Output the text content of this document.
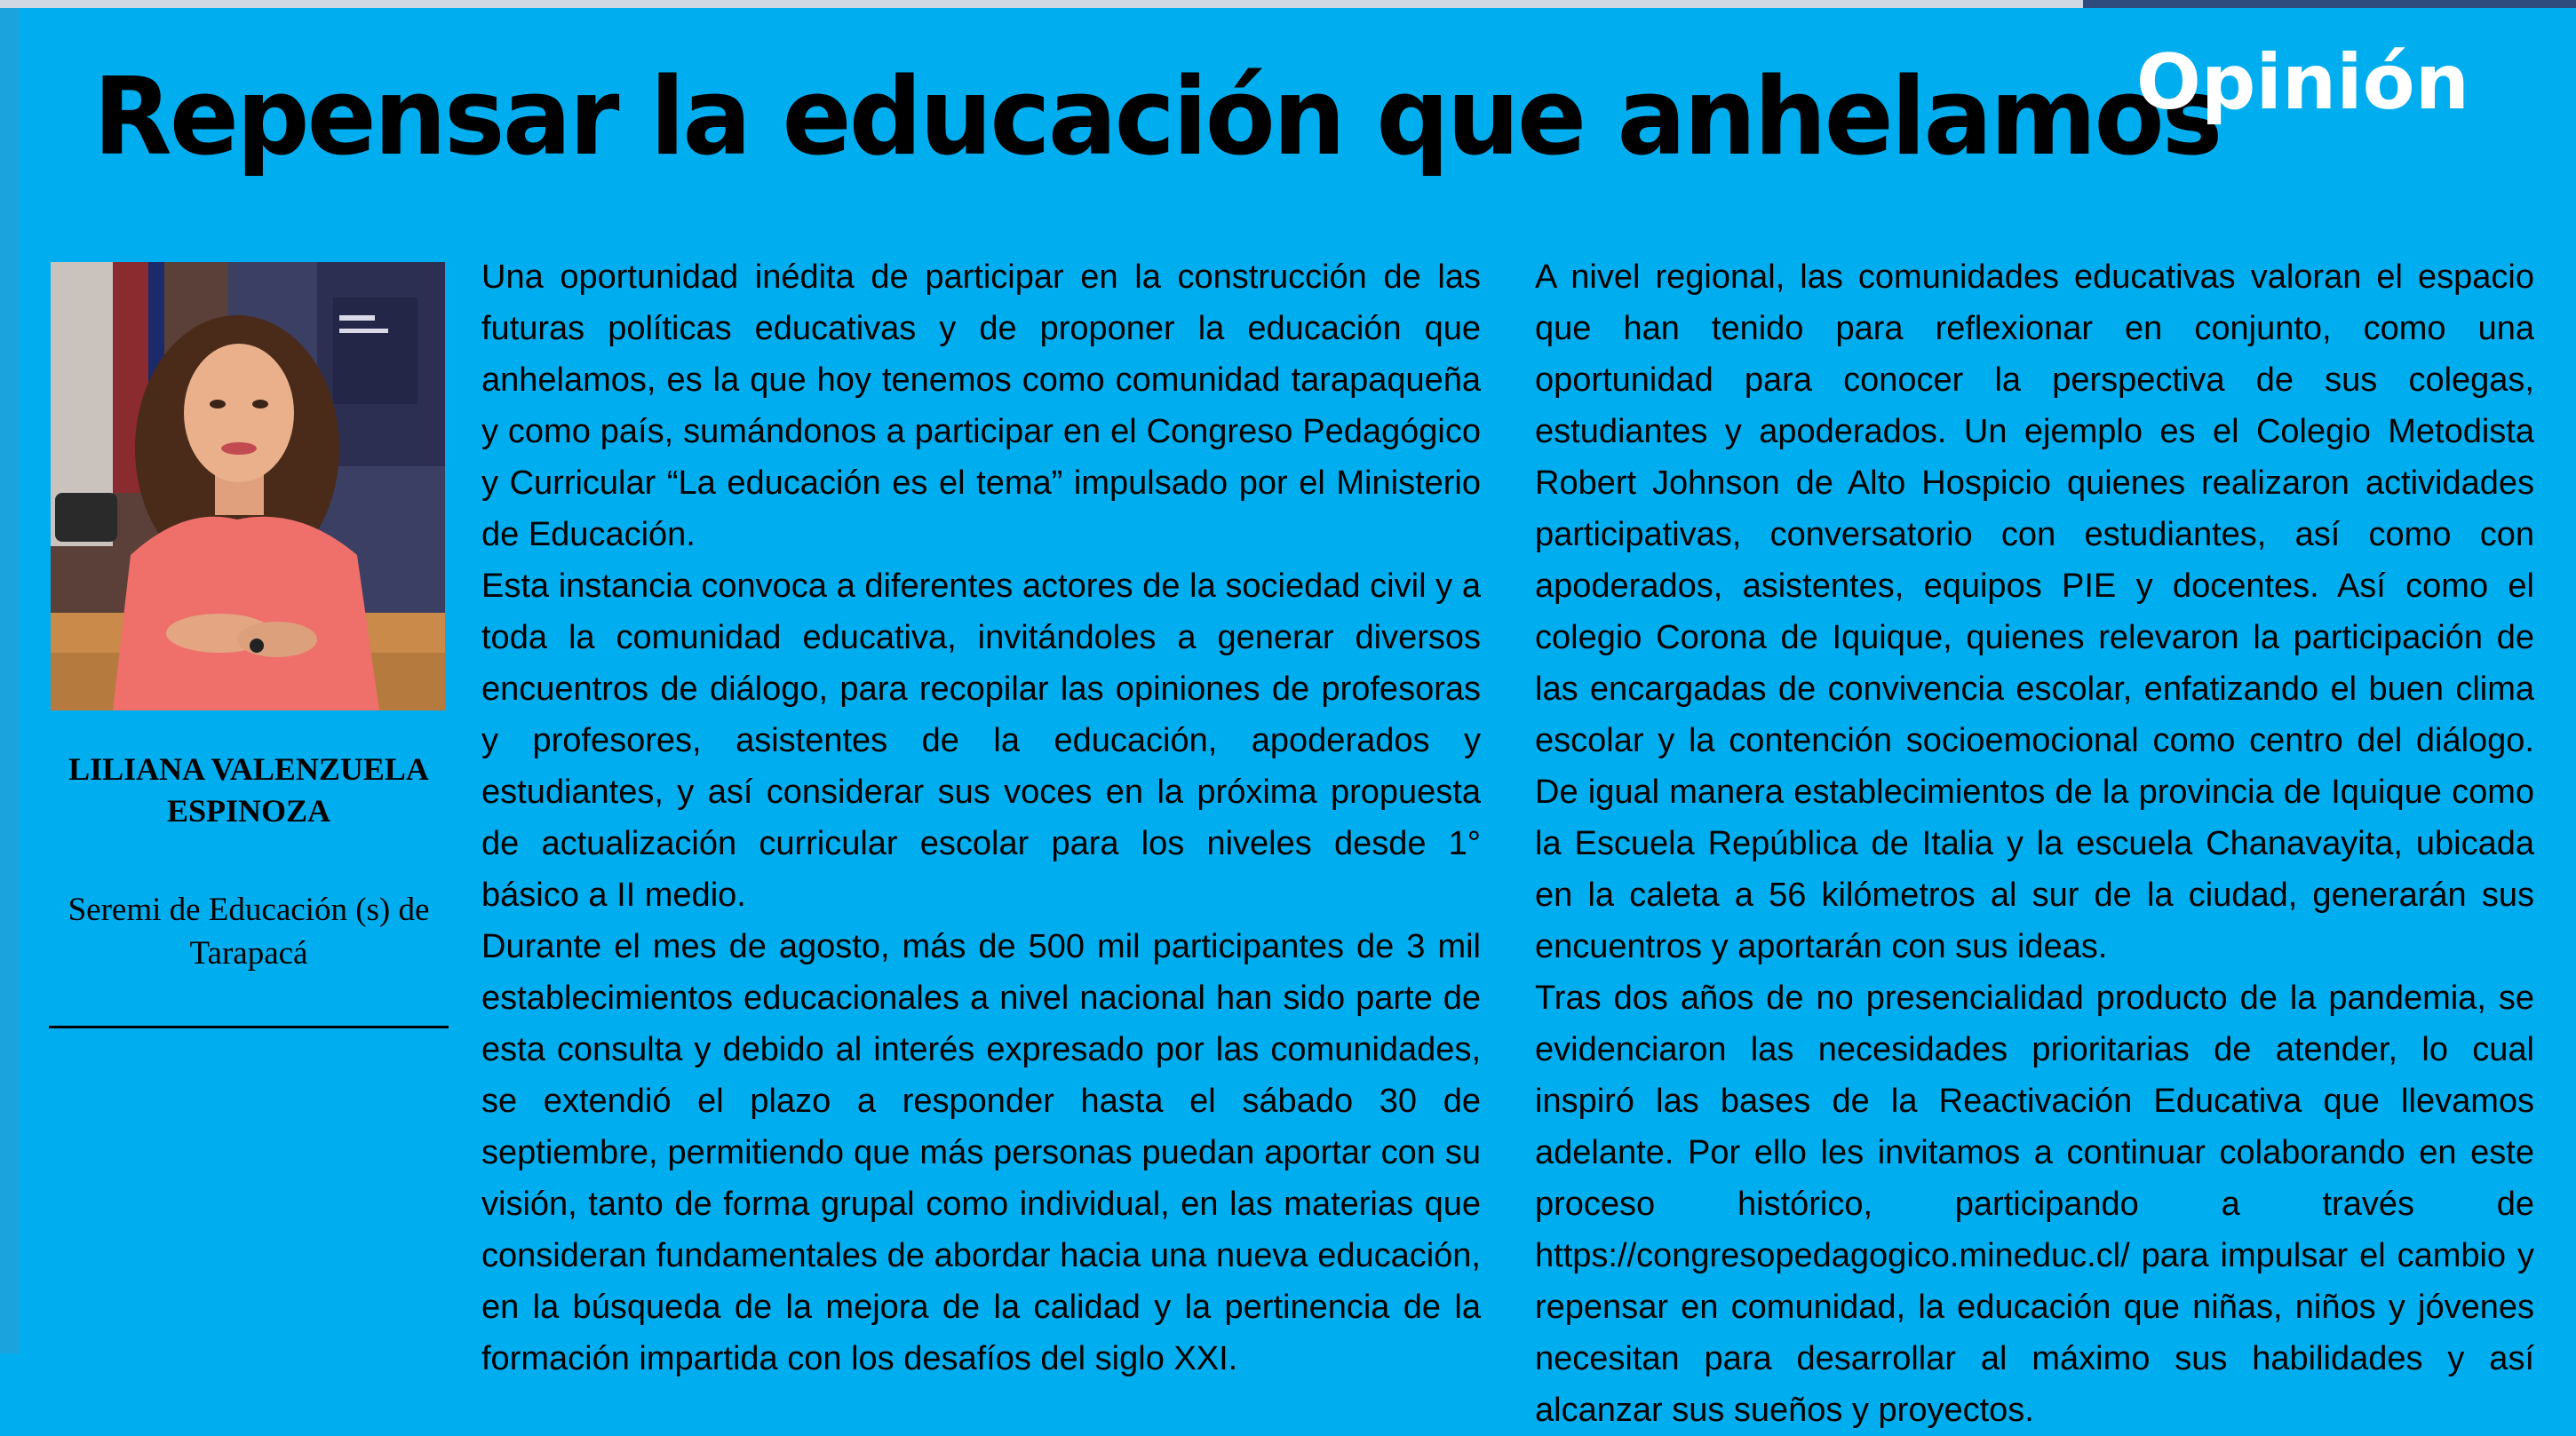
Repensar la educación que anhelamos
Opinión
LILIANA VALENZUELA ESPINOZA
Seremi de Educación (s) de Tarapacá

Una oportunidad inédita de participar en la construcción de las futuras políticas educativas y de proponer la educación que anhelamos, es la que hoy tenemos como comunidad tarapaqueña y como país, sumándonos a participar en el Congreso Pedagógico y Curricular “La educación es el tema” impulsado por el Ministerio de Educación.

Esta instancia convoca a diferentes actores de la sociedad civil y a toda la comunidad educativa, invitándoles a generar diversos encuentros de diálogo, para recopilar las opiniones de profesoras y profesores, asistentes de la educación, apoderados y estudiantes, y así considerar sus voces en la próxima propuesta de actualización curricular escolar para los niveles desde 1° básico a II medio.

Durante el mes de agosto, más de 500 mil participantes de 3 mil establecimientos educacionales a nivel nacional han sido parte de esta consulta y debido al interés expresado por las comunidades, se extendió el plazo a responder hasta el sábado 30 de septiembre, permitiendo que más personas puedan aportar con su visión, tanto de forma grupal como individual, en las materias que consideran fundamentales de abordar hacia una nueva educación, en la búsqueda de la mejora de la calidad y la pertinencia de la formación impartida con los desafíos del siglo XXI.

A nivel regional, las comunidades educativas valoran el espacio que han tenido para reflexionar en conjunto, como una oportunidad para conocer la perspectiva de sus colegas, estudiantes y apoderados. Un ejemplo es el Colegio Metodista Robert Johnson de Alto Hospicio quienes realizaron actividades participativas, conversatorio con estudiantes, así como con apoderados, asistentes, equipos PIE y docentes. Así como el colegio Corona de Iquique, quienes relevaron la participación de las encargadas de convivencia escolar, enfatizando el buen clima escolar y la contención socioemocional como centro del diálogo. De igual manera establecimientos de la provincia de Iquique como la Escuela República de Italia y la escuela Chanavayita, ubicada en la caleta a 56 kilómetros al sur de la ciudad, generarán sus encuentros y aportarán con sus ideas.

Tras dos años de no presencialidad producto de la pandemia, se evidenciaron las necesidades prioritarias de atender, lo cual inspiró las bases de la Reactivación Educativa que llevamos adelante. Por ello les invitamos a continuar colaborando en este proceso histórico, participando a través de https://congresopedagogico.mineduc.cl/ para impulsar el cambio y repensar en comunidad, la educación que niñas, niños y jóvenes necesitan para desarrollar al máximo sus habilidades y así alcanzar sus sueños y proyectos.
